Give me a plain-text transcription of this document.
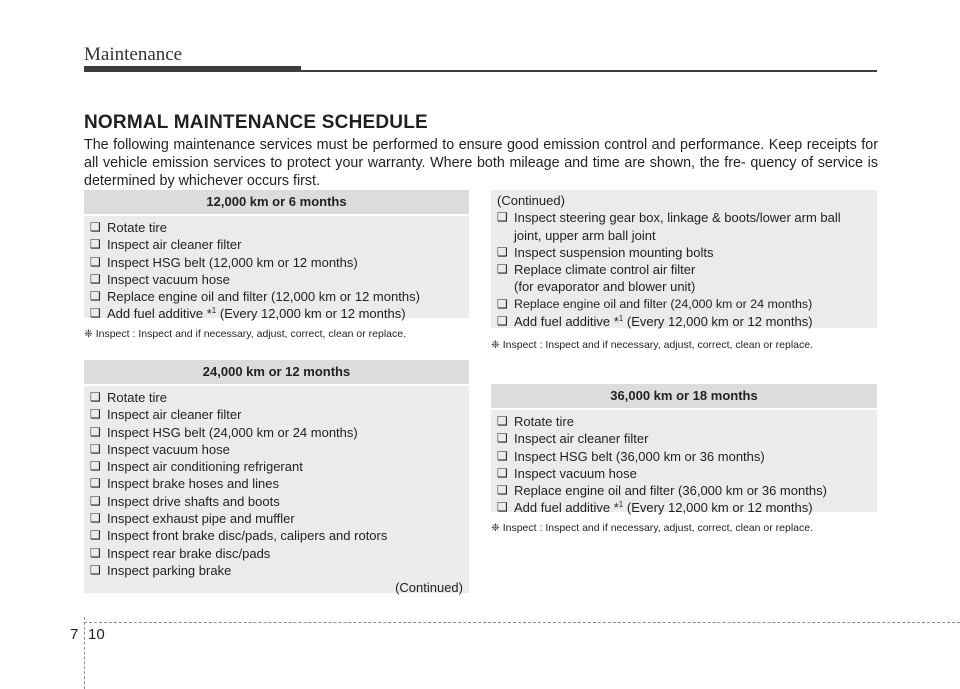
Maintenance
NORMAL MAINTENANCE SCHEDULE
The following maintenance services must be performed to ensure good emission control and performance. Keep receipts for all vehicle emission services to protect your warranty. Where both mileage and time are shown, the fre- quency of service is determined by whichever occurs first.
12,000 km or 6 months
❑ Rotate tire
❑ Inspect air cleaner filter
❑ Inspect HSG belt (12,000 km or 12 months)
❑ Inspect vacuum hose
❑ Replace engine oil and filter (12,000 km or 12 months)
❑ Add fuel additive *$^1$ (Every 12,000 km or 12 months)
❈ Inspect : Inspect and if necessary, adjust, correct, clean or replace.
24,000 km or 12 months
❑ Rotate tire
❑ Inspect air cleaner filter
❑ Inspect HSG belt (24,000 km or 24 months)
❑ Inspect vacuum hose
❑ Inspect air conditioning refrigerant
❑ Inspect brake hoses and lines
❑ Inspect drive shafts and boots
❑ Inspect exhaust pipe and muffler
❑ Inspect front brake disc/pads, calipers and rotors
❑ Inspect rear brake disc/pads
❑ Inspect parking brake
(Continued)
(Continued)
❑ Inspect steering gear box, linkage & boots/lower arm ball
joint, upper arm ball joint
❑ Inspect suspension mounting bolts
❑ Replace climate control air filter
(for evaporator and blower unit)
❑ Replace engine oil and filter (24,000 km or 24 months)
❑ Add fuel additive *$^1$ (Every 12,000 km or 12 months)
❈ Inspect : Inspect and if necessary, adjust, correct, clean or replace.
36,000 km or 18 months
❑ Rotate tire
❑ Inspect air cleaner filter
❑ Inspect HSG belt (36,000 km or 36 months)
❑ Inspect vacuum hose
❑ Replace engine oil and filter (36,000 km or 36 months)
❑ Add fuel additive *$^1$ (Every 12,000 km or 12 months)
❈ Inspect : Inspect and if necessary, adjust, correct, clean or replace.
7 10
